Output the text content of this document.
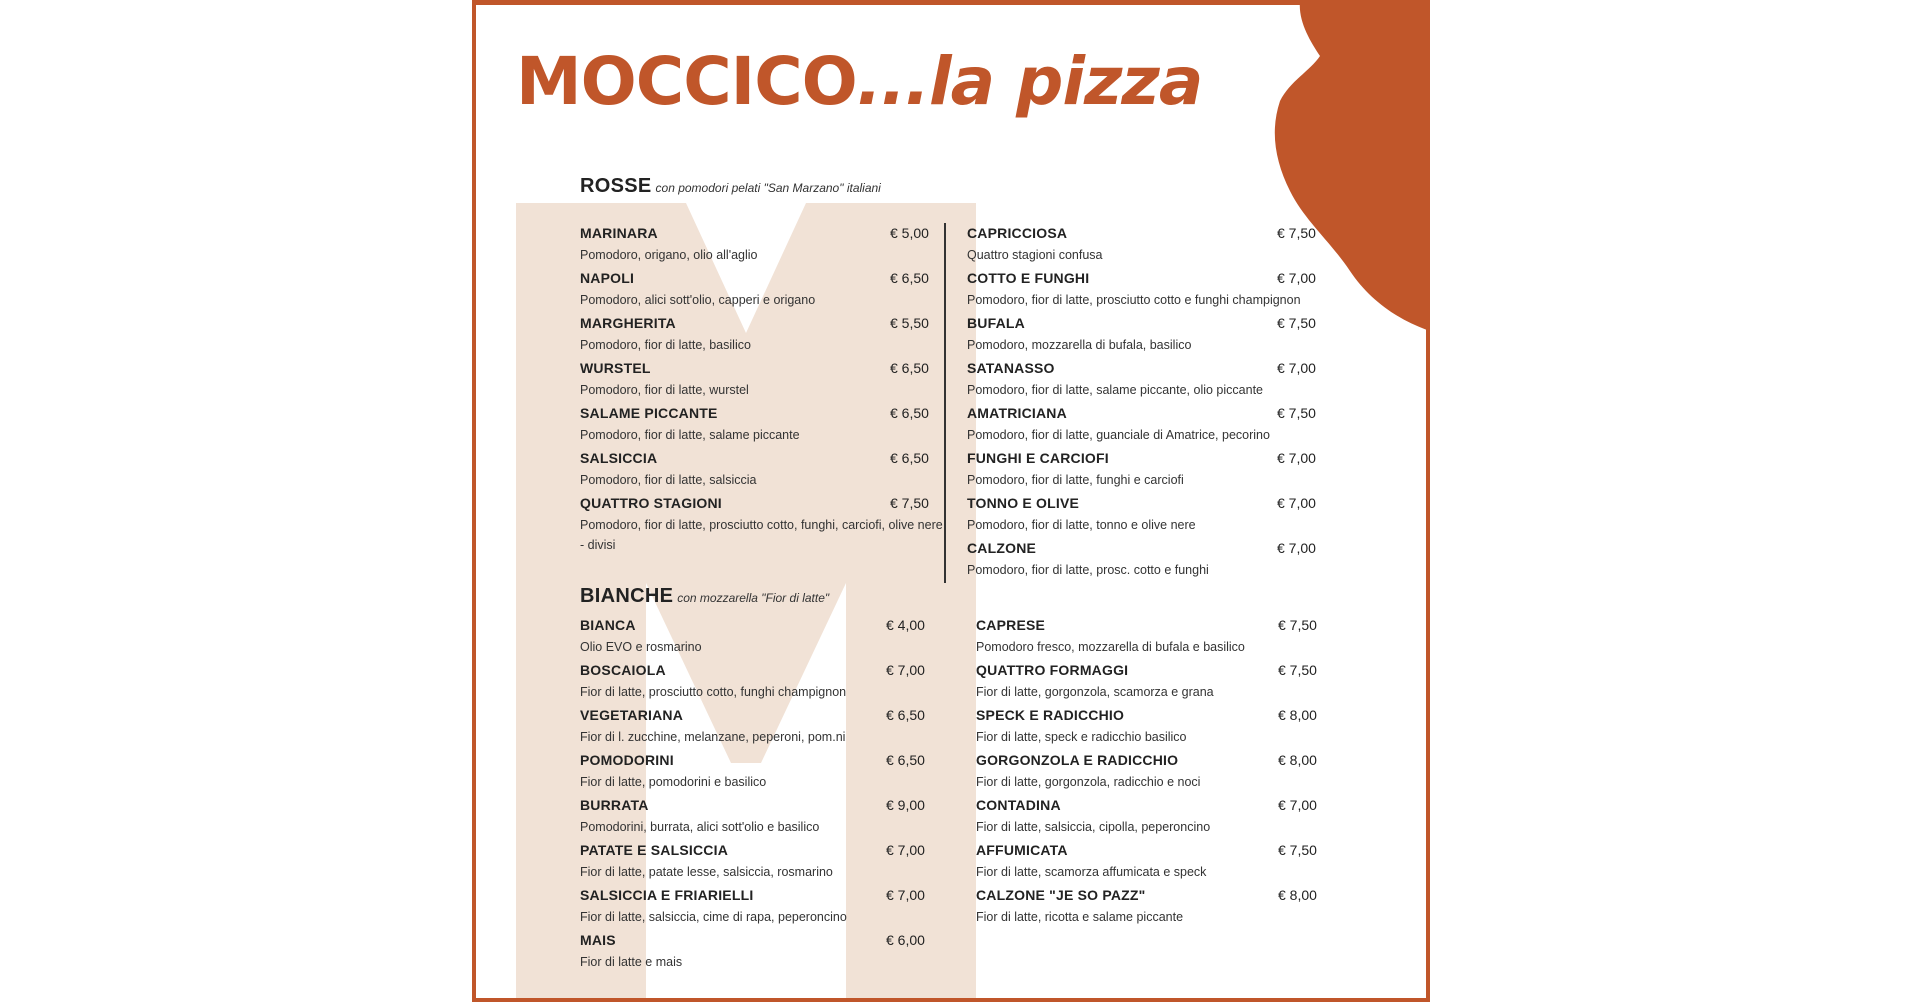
MOCCICO...la pizza
ROSSE con pomodori pelati "San Marzano" italiani
MARINARA	€ 5,00
Pomodoro, origano, olio all'aglio
NAPOLI	€ 6,50
Pomodoro, alici sott'olio, capperi e origano
MARGHERITA	€ 5,50
Pomodoro, fior di latte, basilico
WURSTEL	€ 6,50
Pomodoro, fior di latte, wurstel
SALAME PICCANTE	€ 6,50
Pomodoro, fior di latte, salame piccante
SALSICCIA	€ 6,50
Pomodoro, fior di latte, salsiccia
QUATTRO STAGIONI	€ 7,50
Pomodoro, fior di latte, prosciutto cotto, funghi, carciofi, olive nere - divisi
CAPRICCIOSA	€ 7,50
Quattro stagioni confusa
COTTO E FUNGHI	€ 7,00
Pomodoro, fior di latte, prosciutto cotto e funghi champignon
BUFALA	€ 7,50
Pomodoro, mozzarella di bufala, basilico
SATANASSO	€ 7,00
Pomodoro, fior di latte, salame piccante, olio piccante
AMATRICIANA	€ 7,50
Pomodoro, fior di latte, guanciale di Amatrice, pecorino
FUNGHI E CARCIOFI	€ 7,00
Pomodoro, fior di latte, funghi e carciofi
TONNO E OLIVE	€ 7,00
Pomodoro, fior di latte, tonno e olive nere
CALZONE	€ 7,00
Pomodoro, fior di latte, prosc. cotto e funghi
BIANCHE con mozzarella "Fior di latte"
BIANCA	€ 4,00
Olio EVO e rosmarino
BOSCAIOLA	€ 7,00
Fior di latte, prosciutto cotto, funghi champignon
VEGETARIANA	€ 6,50
Fior di l. zucchine, melanzane, peperoni, pom.ni
POMODORINI	€ 6,50
Fior di latte, pomodorini e basilico
BURRATA	€ 9,00
Pomodorini, burrata, alici sott'olio e basilico
PATATE E SALSICCIA	€ 7,00
Fior di latte, patate lesse, salsiccia, rosmarino
SALSICCIA E FRIARIELLI	€ 7,00
Fior di latte, salsiccia, cime di rapa, peperoncino
MAIS	€ 6,00
Fior di latte e mais
CAPRESE	€ 7,50
Pomodoro fresco, mozzarella di bufala e basilico
QUATTRO FORMAGGI	€ 7,50
Fior di latte, gorgonzola, scamorza e grana
SPECK E RADICCHIO	€ 8,00
Fior di latte, speck e radicchio basilico
GORGONZOLA E RADICCHIO	€ 8,00
Fior di latte, gorgonzola, radicchio e noci
CONTADINA	€ 7,00
Fior di latte, salsiccia, cipolla, peperoncino
AFFUMICATA	€ 7,50
Fior di latte, scamorza affumicata e speck
CALZONE "JE SO PAZZ"	€ 8,00
Fior di latte, ricotta e salame piccante
